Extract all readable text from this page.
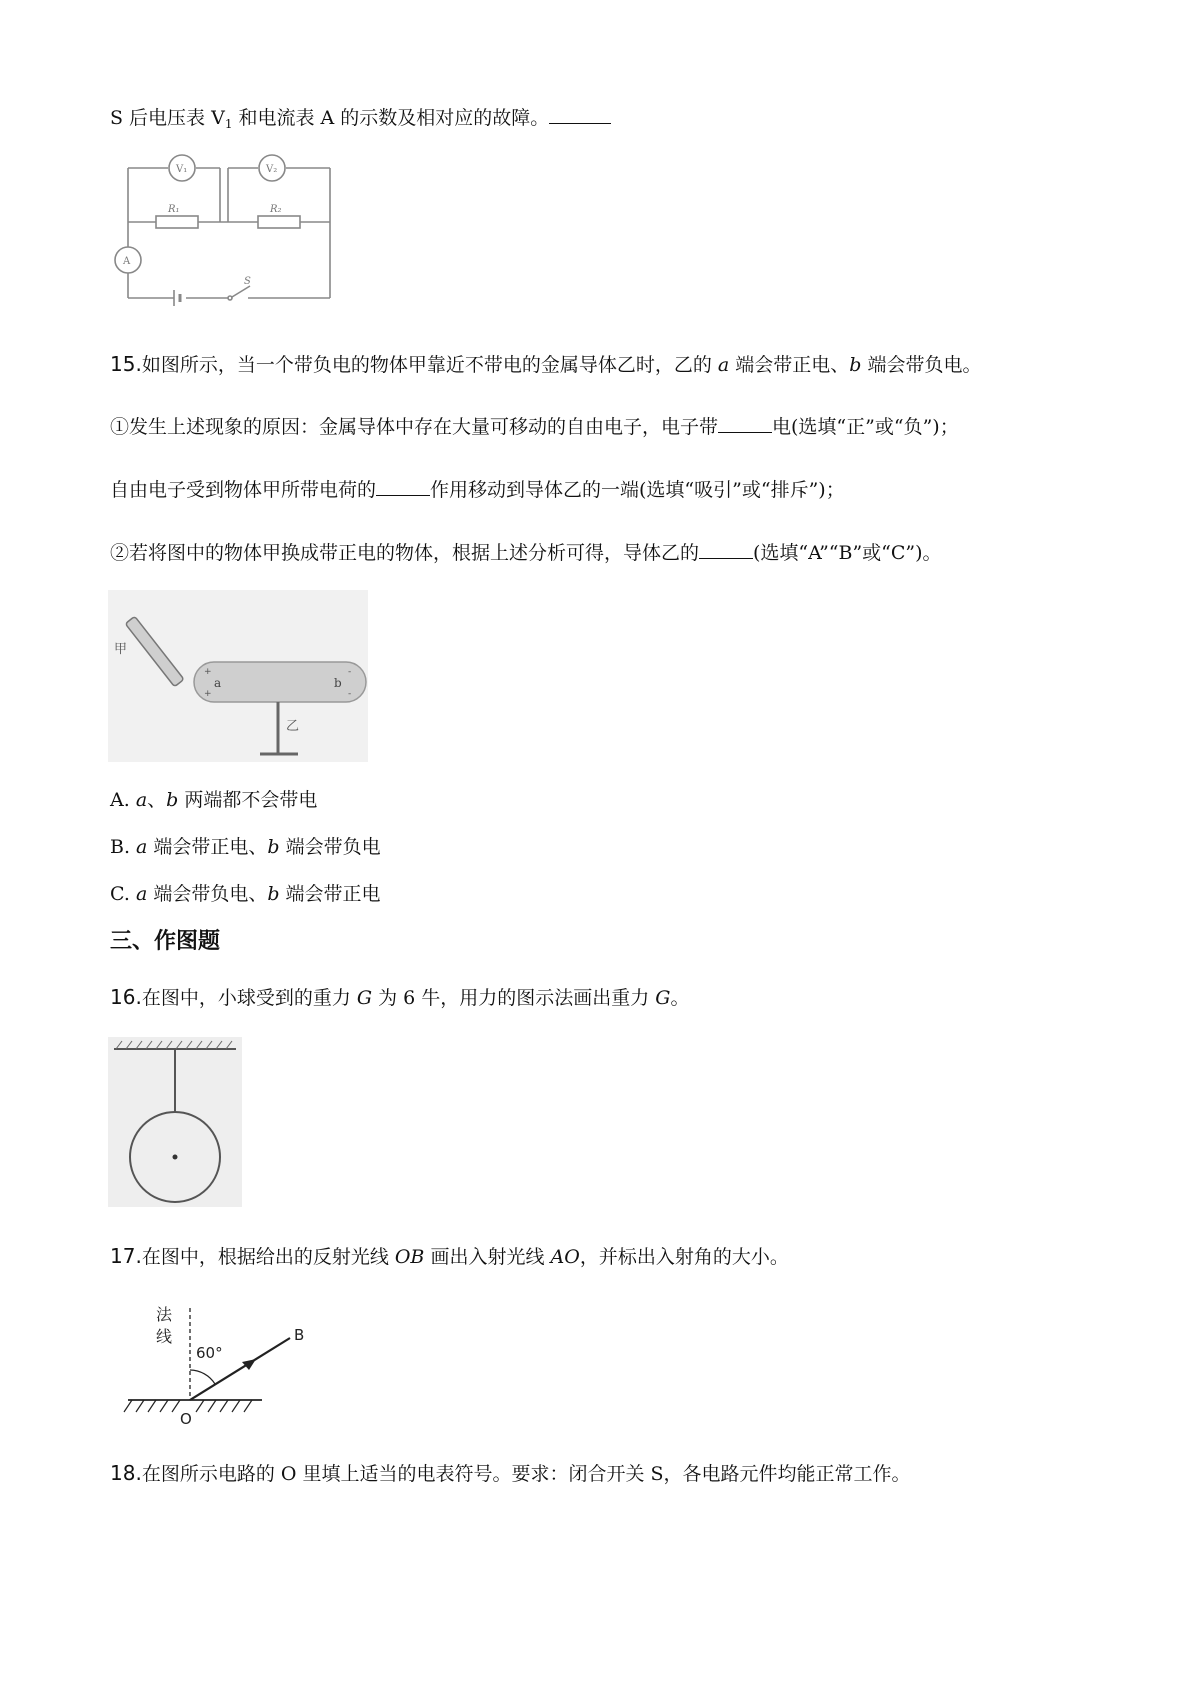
S 后电压表 $V_1$ 和电流表 A 的示数及相对应的故障。
V₁	V₂
R₁	R₂
A
S
15.如图所示，当一个带负电的物体甲靠近不带电的金属导体乙时，乙的 a 端会带正电、b 端会带负电。
①发生上述现象的原因：金属导体中存在大量可移动的自由电子，电子带	电(选填“正”或“负”)；
自由电子受到物体甲所带电荷的	作用移动到导体乙的一端(选填“吸引”或“排斥”)；
②若将图中的物体甲换成带正电的物体，根据上述分析可得，导体乙的	(选填“A”“B”或“C”)。
甲
a	b
+
+
-
-
乙
A. a、b 两端都不会带电
B. a 端会带正电、b 端会带负电
C. a 端会带负电、b 端会带正电
三、作图题
16.在图中，小球受到的重力 G 为 6 牛，用力的图示法画出重力 G。
17.在图中，根据给出的反射光线 OB 画出入射光线 AO，并标出入射角的大小。
法
线
60°
B
O
18.在图所示电路的 O 里填上适当的电表符号。要求：闭合开关 S，各电路元件均能正常工作。
